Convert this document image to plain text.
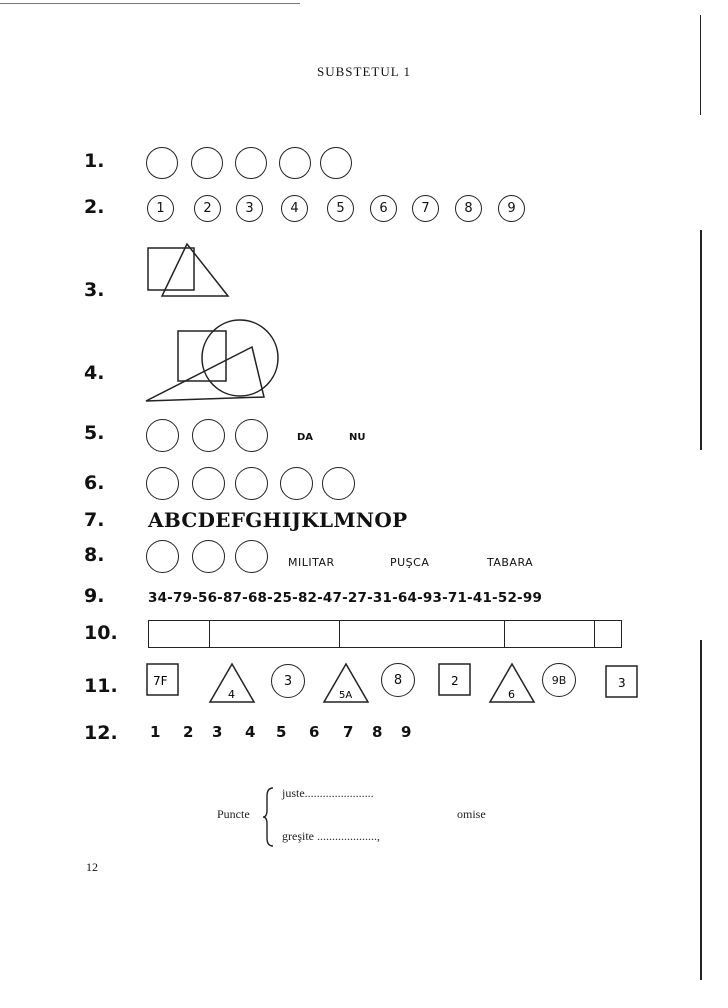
SUBSTETUL 1
1.
2.
3.
4.
5.
6.
7.
8.
9.
10.
11.
12.
1	2	3	4	5	6	7	8	9
DA	NU
ABCDEFGHIJKLMNOP
MILITAR	PUŞCA	TABARA
34-79-56-87-68-25-82-47-27-31-64-93-71-41-52-99
7F
4
3
5A
8	2
6
9B	3
1 2 3 4 5 6 7 8 9
Puncte
juste.......................
omise
greşite ....................,
12
